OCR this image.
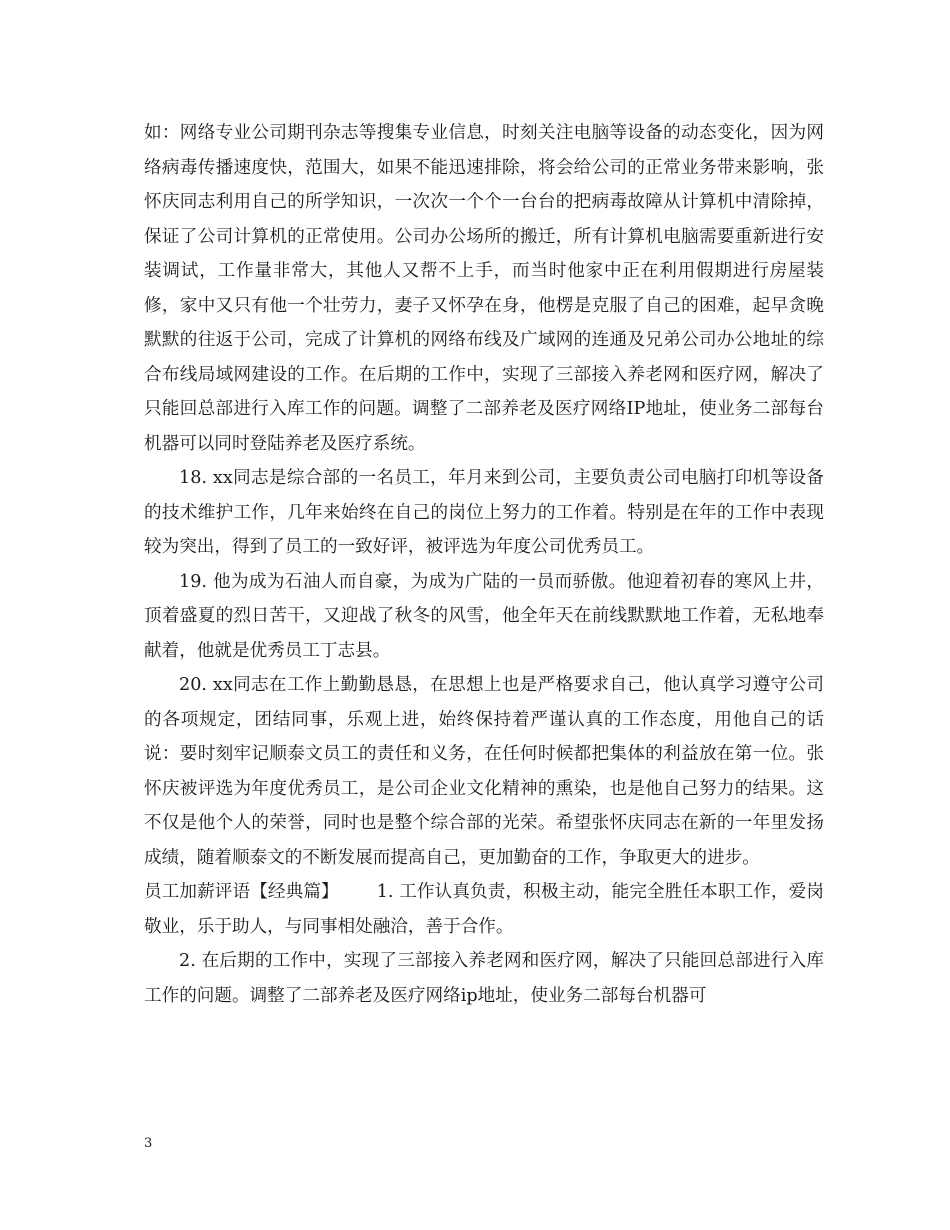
如：网络专业公司期刊杂志等搜集专业信息，时刻关注电脑等设备的动态变化，因为网络病毒传播速度快，范围大，如果不能迅速排除，将会给公司的正常业务带来影响，张怀庆同志利用自己的所学知识，一次次一个个一台台的把病毒故障从计算机中清除掉，保证了公司计算机的正常使用。公司办公场所的搬迁，所有计算机电脑需要重新进行安装调试，工作量非常大，其他人又帮不上手，而当时他家中正在利用假期进行房屋装修，家中又只有他一个壮劳力，妻子又怀孕在身，他楞是克服了自己的困难，起早贪晚默默的往返于公司，完成了计算机的网络布线及广域网的连通及兄弟公司办公地址的综合布线局域网建设的工作。在后期的工作中，实现了三部接入养老网和医疗网，解决了只能回总部进行入库工作的问题。调整了二部养老及医疗网络IP地址，使业务二部每台机器可以同时登陆养老及医疗系统。

18. xx同志是综合部的一名员工，年月来到公司，主要负责公司电脑打印机等设备的技术维护工作，几年来始终在自己的岗位上努力的工作着。特别是在年的工作中表现较为突出，得到了员工的一致好评，被评选为年度公司优秀员工。

19. 他为成为石油人而自豪，为成为广陆的一员而骄傲。他迎着初春的寒风上井，顶着盛夏的烈日苦干，又迎战了秋冬的风雪，他全年天在前线默默地工作着，无私地奉献着，他就是优秀员工丁志县。

20. xx同志在工作上勤勤恳恳，在思想上也是严格要求自己，他认真学习遵守公司的各项规定，团结同事，乐观上进，始终保持着严谨认真的工作态度，用他自己的话说：要时刻牢记顺泰文员工的责任和义务，在任何时候都把集体的利益放在第一位。张怀庆被评选为年度优秀员工，是公司企业文化精神的熏染，也是他自己努力的结果。这不仅是他个人的荣誉，同时也是整个综合部的光荣。希望张怀庆同志在新的一年里发扬成绩，随着顺泰文的不断发展而提高自己，更加勤奋的工作，争取更大的进步。

员工加薪评语【经典篇】 1. 工作认真负责，积极主动，能完全胜任本职工作，爱岗敬业，乐于助人，与同事相处融洽，善于合作。

2. 在后期的工作中，实现了三部接入养老网和医疗网，解决了只能回总部进行入库工作的问题。调整了二部养老及医疗网络ip地址，使业务二部每台机器可

3
